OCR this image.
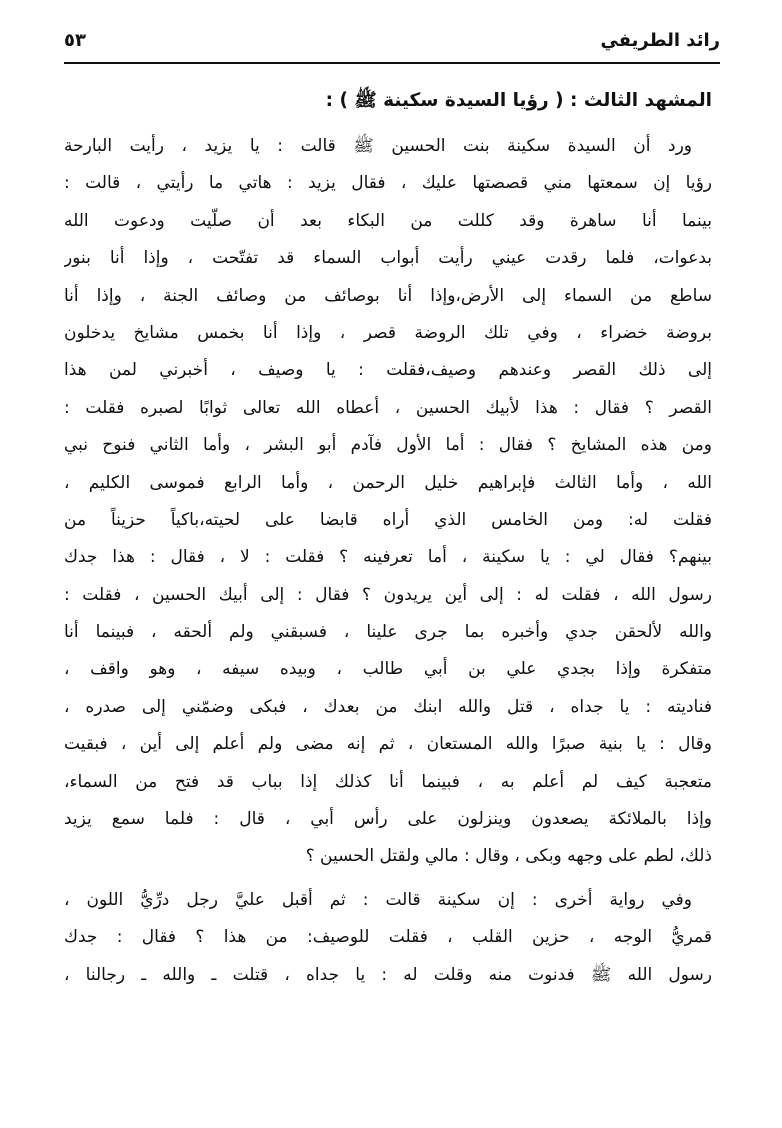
رائد الطريفي
٥٣
المشهد الثالث : ( رؤيا السيدة سكينة ﷺ ) :
ورد أن السيدة سكينة بنت الحسين ﷺ قالت : يا يزيد ، رأيت البارحة
رؤيا إن سمعتها مني قصصتها عليك ، فقال يزيد : هاتي ما رأيتي ، قالت :
بينما أنا ساهرة وقد كللت من البكاء بعد أن صلّيت ودعوت الله
بدعوات، فلما رقدت عيني رأيت أبواب السماء قد تفتّحت ، وإذا أنا بنور
ساطع من السماء إلى الأرض،وإذا أنا بوصائف من وصائف الجنة ، وإذا أنا
بروضة خضراء ، وفي تلك الروضة قصر ، وإذا أنا بخمس مشايخ يدخلون
إلى ذلك القصر وعندهم وصيف،فقلت : يا وصيف ، أخبرني لمن هذا
القصر ؟ فقال : هذا لأبيك الحسين ، أعطاه الله تعالى ثوابًا لصبره فقلت :
ومن هذه المشايخ ؟ فقال : أما الأول فآدم أبو البشر ، وأما الثاني فنوح نبي
الله ، وأما الثالث فإبراهيم خليل الرحمن ، وأما الرابع فموسى الكليم ،
فقلت له: ومن الخامس الذي أراه قابضا على لحيته،باكياً حزيناً من
بينهم؟ فقال لي : يا سكينة ، أما تعرفينه ؟ فقلت : لا ، فقال : هذا جدك
رسول الله ، فقلت له : إلى أين يريدون ؟ فقال : إلى أبيك الحسين ، فقلت :
والله لألحقن جدي وأخبره بما جرى علينا ، فسبقني ولم ألحقه ، فبينما أنا
متفكرة وإذا بجدي علي بن أبي طالب ، وبيده سيفه ، وهو واقف ،
فناديته : يا جداه ، قتل والله ابنك من بعدك ، فبكى وضمّني إلى صدره ،
وقال : يا بنية صبرًا والله المستعان ، ثم إنه مضى ولم أعلم إلى أين ، فبقيت
متعجبة كيف لم أعلم به ، فبينما أنا كذلك إذا بباب قد فتح من السماء،
وإذا بالملائكة يصعدون وينزلون على رأس أبي ، قال : فلما سمع يزيد
ذلك، لطم على وجهه وبكى ، وقال : مالي ولقتل الحسين ؟
وفي رواية أخرى : إن سكينة قالت : ثم أقبل عليَّ رجل درِّيُّ اللون ،
قمريُّ الوجه ، حزين القلب ، فقلت للوصيف: من هذا ؟ فقال : جدك
رسول الله ﷺ فدنوت منه وقلت له : يا جداه ، قتلت ـ والله ـ رجالنا ،
